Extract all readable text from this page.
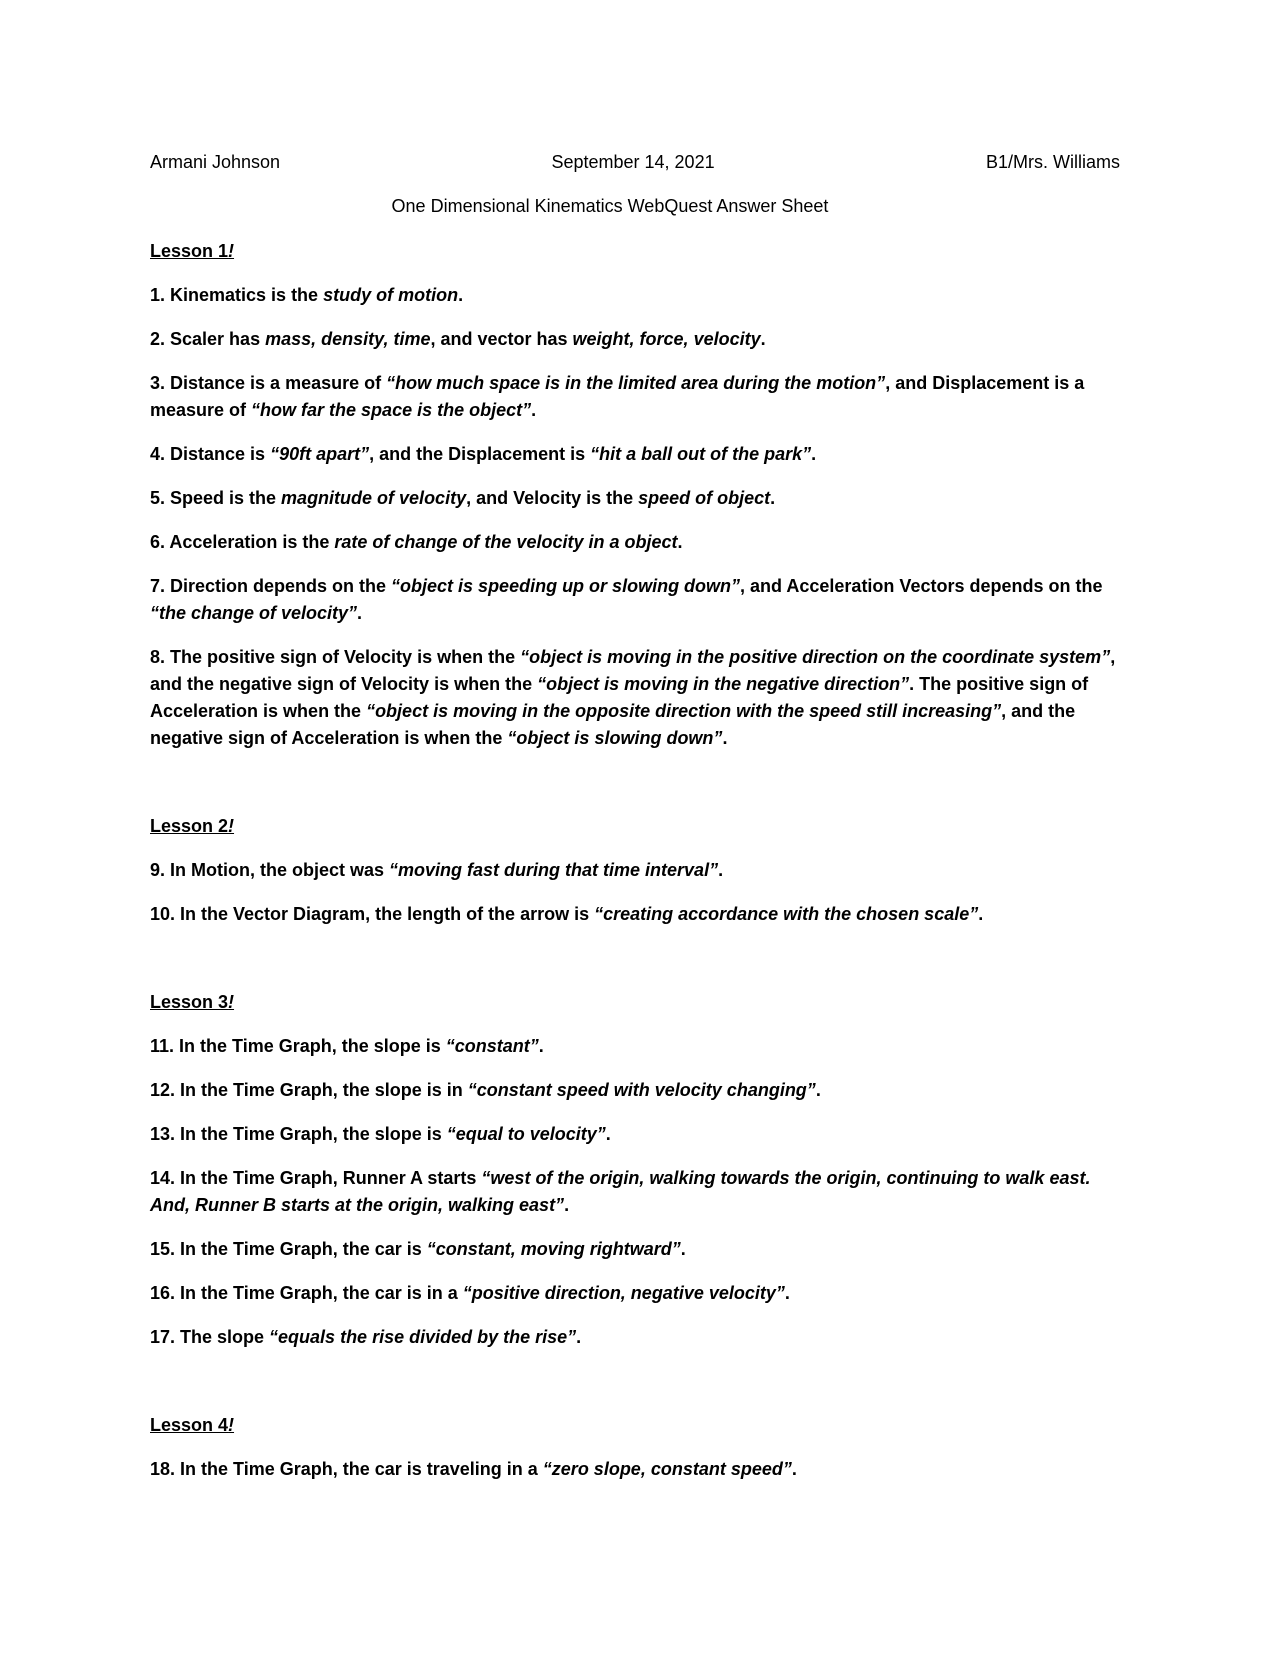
Armani Johnson	September 14, 2021	B1/Mrs. Williams
One Dimensional Kinematics WebQuest Answer Sheet
Lesson 1!
1. Kinematics is the study of motion.
2. Scaler has mass, density, time, and vector has weight, force, velocity.
3. Distance is a measure of “how much space is in the limited area during the motion”, and Displacement is a measure of “how far the space is the object”.
4. Distance is “90ft apart”, and the Displacement is “hit a ball out of the park”.
5. Speed is the magnitude of velocity, and Velocity is the speed of object.
6. Acceleration is the rate of change of the velocity in a object.
7. Direction depends on the “object is speeding up or slowing down”, and Acceleration Vectors depends on the “the change of velocity”.
8. The positive sign of Velocity is when the “object is moving in the positive direction on the coordinate system”, and the negative sign of Velocity is when the “object is moving in the negative direction”. The positive sign of Acceleration is when the “object is moving in the opposite direction with the speed still increasing”, and the negative sign of Acceleration is when the “object is slowing down”.
Lesson 2!
9. In Motion, the object was “moving fast during that time interval”.
10. In the Vector Diagram, the length of the arrow is “creating accordance with the chosen scale”.
Lesson 3!
11. In the Time Graph, the slope is “constant”.
12. In the Time Graph, the slope is in “constant speed with velocity changing”.
13. In the Time Graph, the slope is “equal to velocity”.
14. In the Time Graph, Runner A starts “west of the origin, walking towards the origin, continuing to walk east. And, Runner B starts at the origin, walking east”.
15. In the Time Graph, the car is “constant, moving rightward”.
16. In the Time Graph, the car is in a “positive direction, negative velocity”.
17. The slope “equals the rise divided by the rise”.
Lesson 4!
18. In the Time Graph, the car is traveling in a “zero slope, constant speed”.
